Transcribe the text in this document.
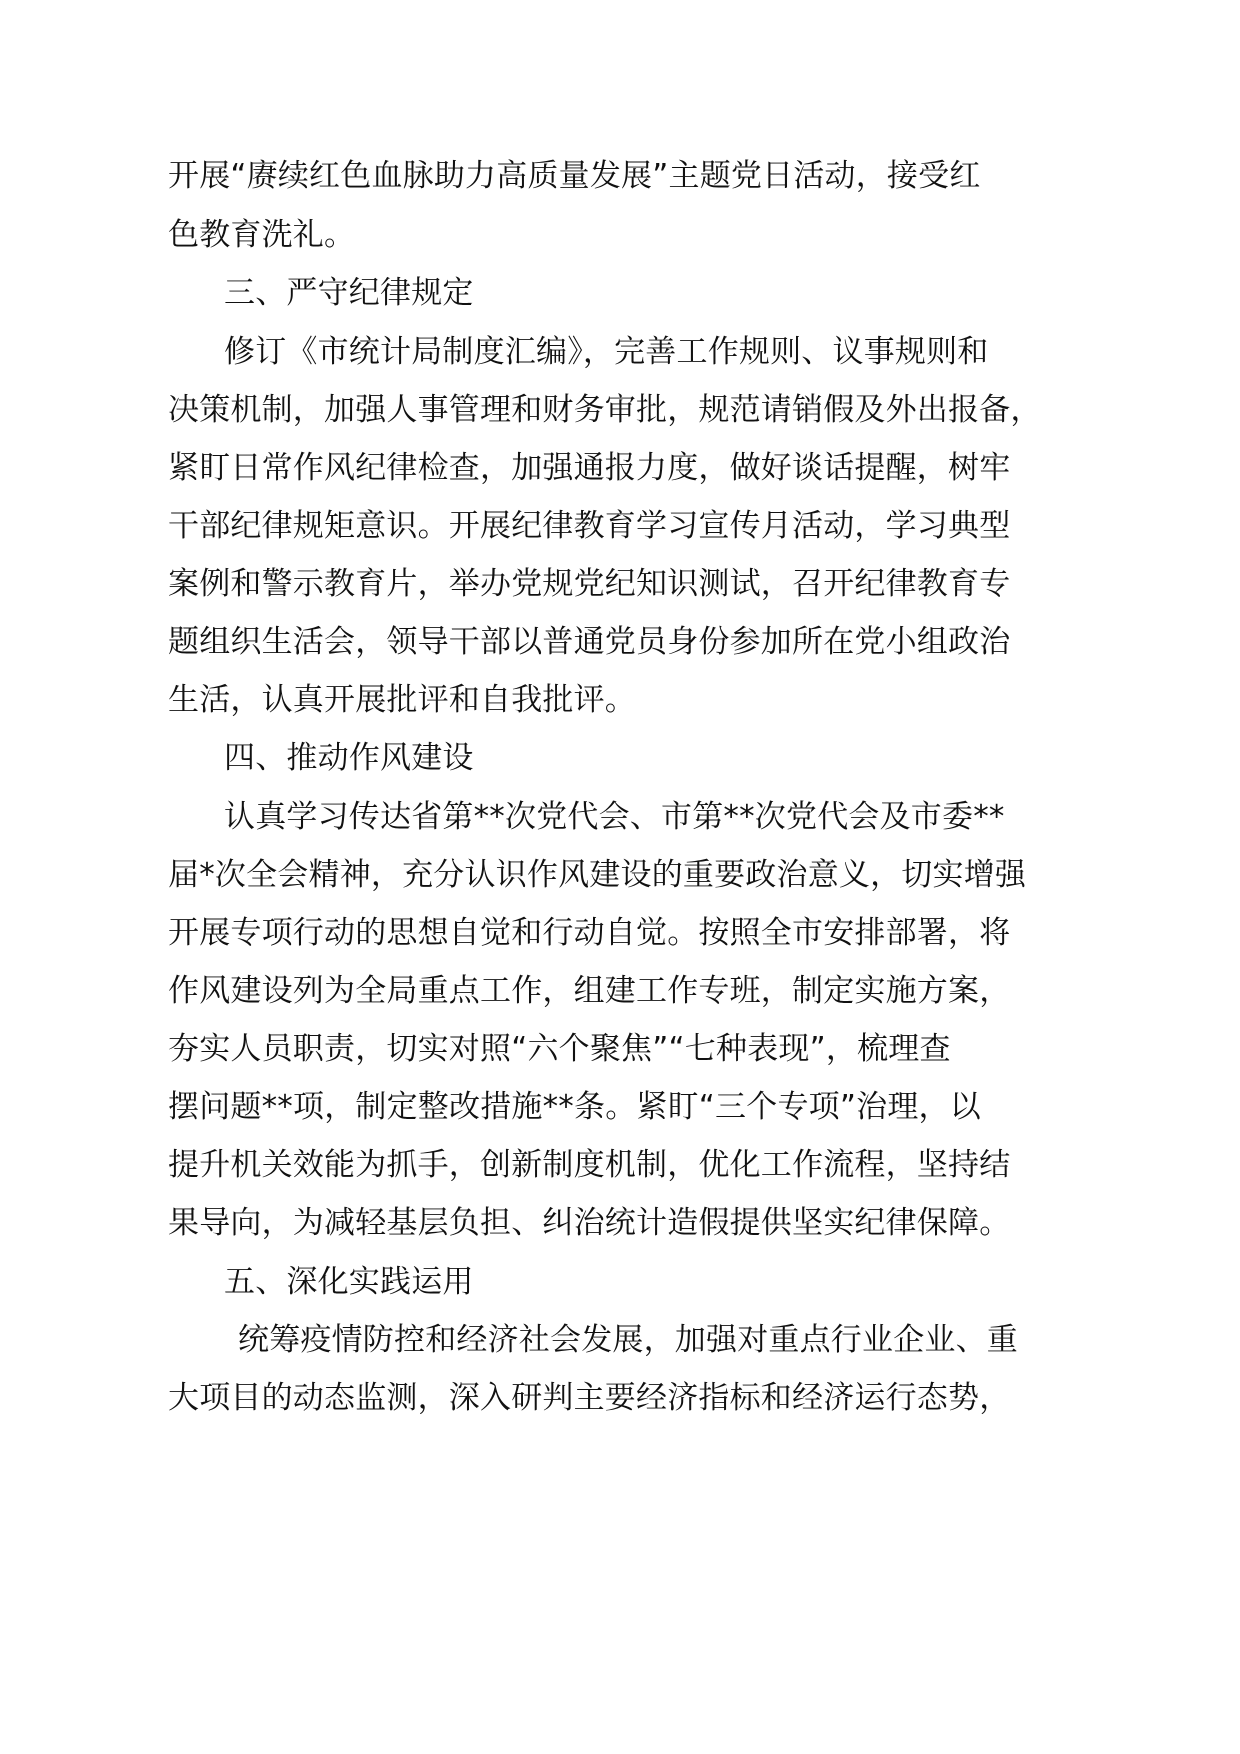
开展“赓续红色血脉助力高质量发展”主题党日活动，接受红
色教育洗礼。
三、严守纪律规定
修订《市统计局制度汇编》，完善工作规则、议事规则和
决策机制，加强人事管理和财务审批，规范请销假及外出报备，
紧盯日常作风纪律检查，加强通报力度，做好谈话提醒，树牢
干部纪律规矩意识。开展纪律教育学习宣传月活动，学习典型
案例和警示教育片，举办党规党纪知识测试，召开纪律教育专
题组织生活会，领导干部以普通党员身份参加所在党小组政治
生活，认真开展批评和自我批评。
四、推动作风建设
认真学习传达省第**次党代会、市第**次党代会及市委**
届*次全会精神，充分认识作风建设的重要政治意义，切实增强
开展专项行动的思想自觉和行动自觉。按照全市安排部署，将
作风建设列为全局重点工作，组建工作专班，制定实施方案，
夯实人员职责，切实对照“六个聚焦”“七种表现”，梳理查
摆问题**项，制定整改措施**条。紧盯“三个专项”治理，以
提升机关效能为抓手，创新制度机制，优化工作流程，坚持结
果导向，为减轻基层负担、纠治统计造假提供坚实纪律保障。
五、深化实践运用
统筹疫情防控和经济社会发展，加强对重点行业企业、重
大项目的动态监测，深入研判主要经济指标和经济运行态势，
